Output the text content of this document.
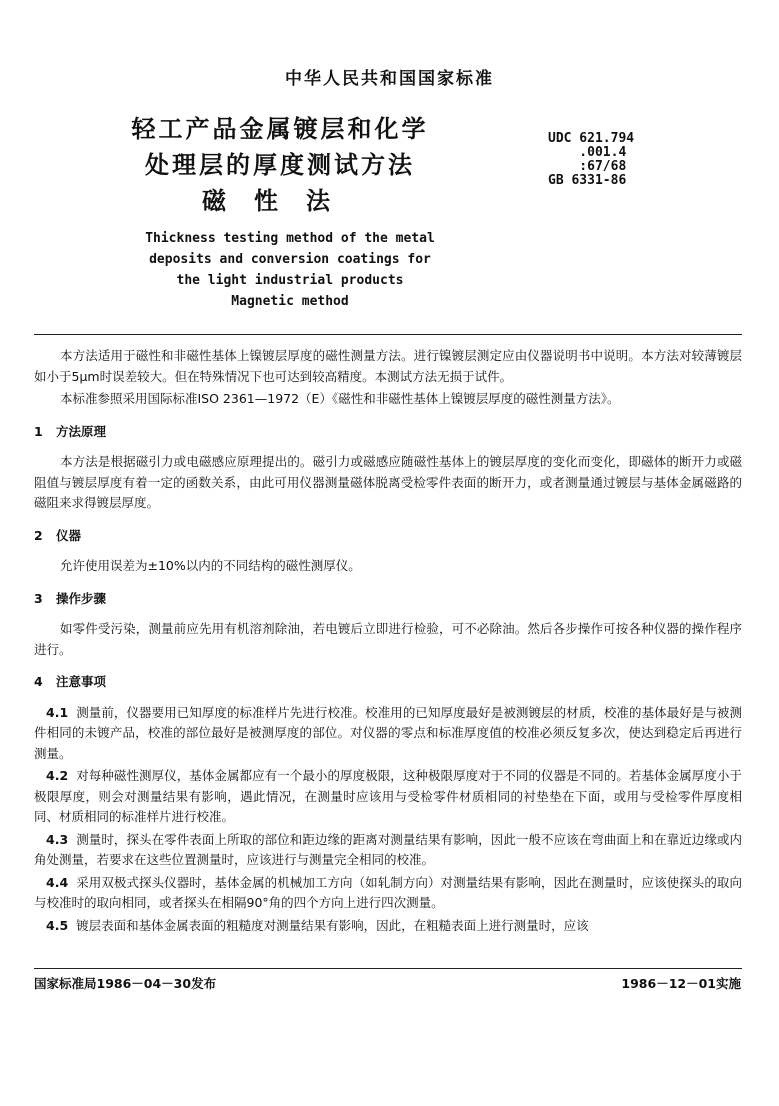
中华人民共和国国家标准
轻工产品金属镀层和化学
处理层的厚度测试方法
磁性法
UDC 621.794
.001.4
:67/68
GB 6331-86
Thickness testing method of the metal
deposits and conversion coatings for
the light industrial products
Magnetic method

本方法适用于磁性和非磁性基体上镍镀层厚度的磁性测量方法。进行镍镀层测定应由仪器说明书中说明。本方法对较薄镀层如小于5μm时误差较大。但在特殊情况下也可达到较高精度。本测试方法无损于试件。

本标准参照采用国际标准ISO 2361—1972（E）《磁性和非磁性基体上镍镀层厚度的磁性测量方法》。

1 方法原理

本方法是根据磁引力或电磁感应原理提出的。磁引力或磁感应随磁性基体上的镀层厚度的变化而变化，即磁体的断开力或磁阻值与镀层厚度有着一定的函数关系，由此可用仪器测量磁体脱离受检零件表面的断开力，或者测量通过镀层与基体金属磁路的磁阻来求得镀层厚度。

2 仪器

允许使用误差为±10%以内的不同结构的磁性测厚仪。

3 操作步骤

如零件受污染，测量前应先用有机溶剂除油，若电镀后立即进行检验，可不必除油。然后各步操作可按各种仪器的操作程序进行。

4 注意事项

4.1 测量前，仪器要用已知厚度的标准样片先进行校准。校准用的已知厚度最好是被测镀层的材质，校准的基体最好是与被测件相同的未镀产品，校准的部位最好是被测厚度的部位。对仪器的零点和标准厚度值的校准必须反复多次，使达到稳定后再进行测量。

4.2 对每种磁性测厚仪，基体金属都应有一个最小的厚度极限，这种极限厚度对于不同的仪器是不同的。若基体金属厚度小于极限厚度，则会对测量结果有影响，遇此情况，在测量时应该用与受检零件材质相同的衬垫垫在下面，或用与受检零件厚度相同、材质相同的标准样片进行校准。

4.3 测量时，探头在零件表面上所取的部位和距边缘的距离对测量结果有影响，因此一般不应该在弯曲面上和在靠近边缘或内角处测量，若要求在这些位置测量时，应该进行与测量完全相同的校准。

4.4 采用双极式探头仪器时，基体金属的机械加工方向（如轧制方向）对测量结果有影响，因此在测量时，应该使探头的取向与校准时的取向相同，或者探头在相隔90°角的四个方向上进行四次测量。

4.5 镀层表面和基体金属表面的粗糙度对测量结果有影响，因此，在粗糙表面上进行测量时，应该

国家标准局1986－04－30发布	1986－12－01实施
